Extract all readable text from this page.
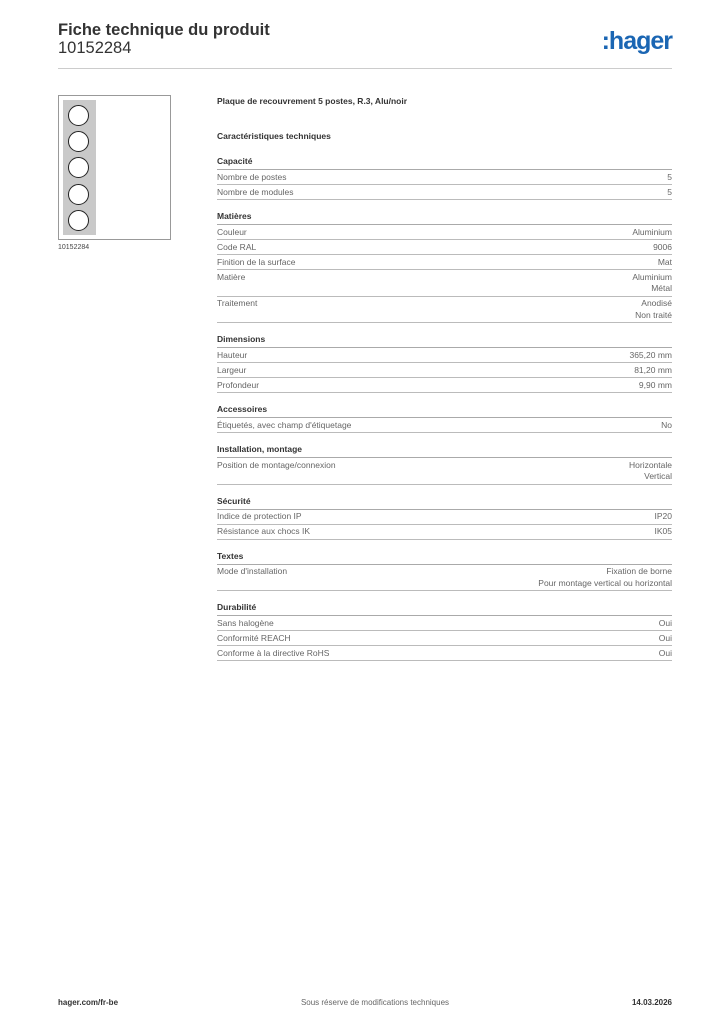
Fiche technique du produit
10152284	:hager
10152284
Plaque de recouvrement 5 postes, R.3, Alu/noir
Caractéristiques techniques
Capacité
Nombre de postes	5
Nombre de modules	5
Matières
Couleur	Aluminium
Code RAL	9006
Finition de la surface	Mat
Matière	Aluminium
Métal
Traitement	Anodisé
Non traité
Dimensions
Hauteur	365,20 mm
Largeur	81,20 mm
Profondeur	9,90 mm
Accessoires
Étiquetés, avec champ d'étiquetage	No
Installation, montage
Position de montage/connexion	Horizontale
Vertical
Sécurité
Indice de protection IP	IP20
Résistance aux chocs IK	IK05
Textes
Mode d'installation	Fixation de borne
Pour montage vertical ou horizontal
Durabilité
Sans halogène	Oui
Conformité REACH	Oui
Conforme à la directive RoHS	Oui
hager.com/fr-be	Sous réserve de modifications techniques	14.03.2026
